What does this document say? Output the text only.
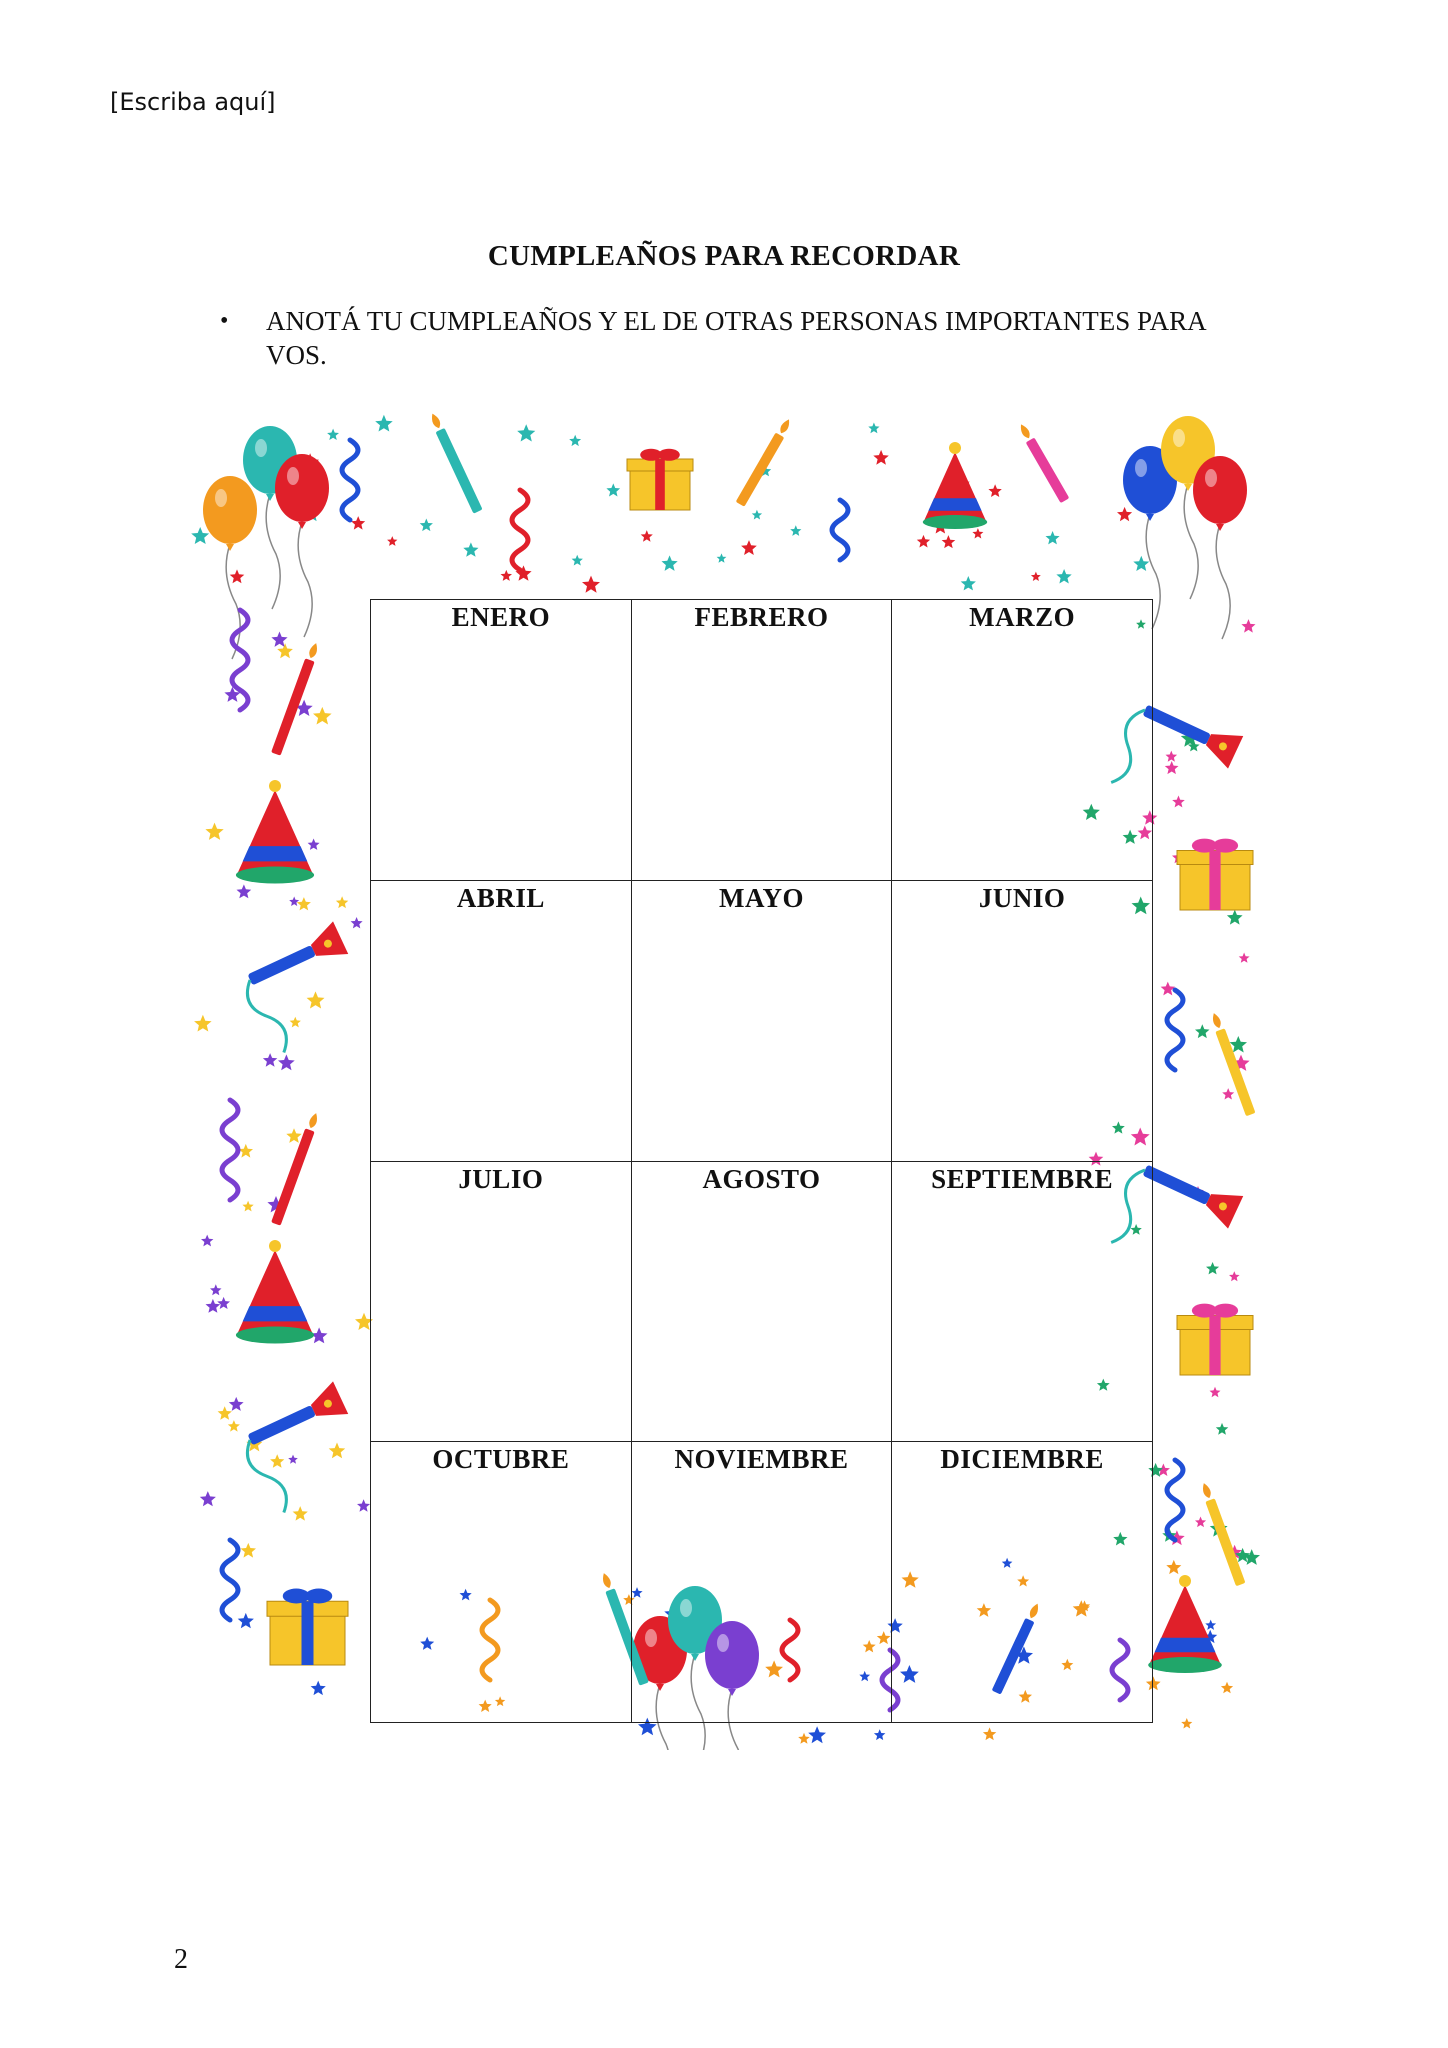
[Escriba aquí]
CUMPLEAÑOS PARA RECORDAR
• ANOTÁ TU CUMPLEAÑOS Y EL DE OTRAS PERSONAS IMPORTANTES PARA VOS.
ENERO	FEBRERO	MARZO

ABRIL	MAYO	JUNIO

JULIO	AGOSTO	SEPTIEMBRE

OCTUBRE	NOVIEMBRE	DICIEMBRE
2
